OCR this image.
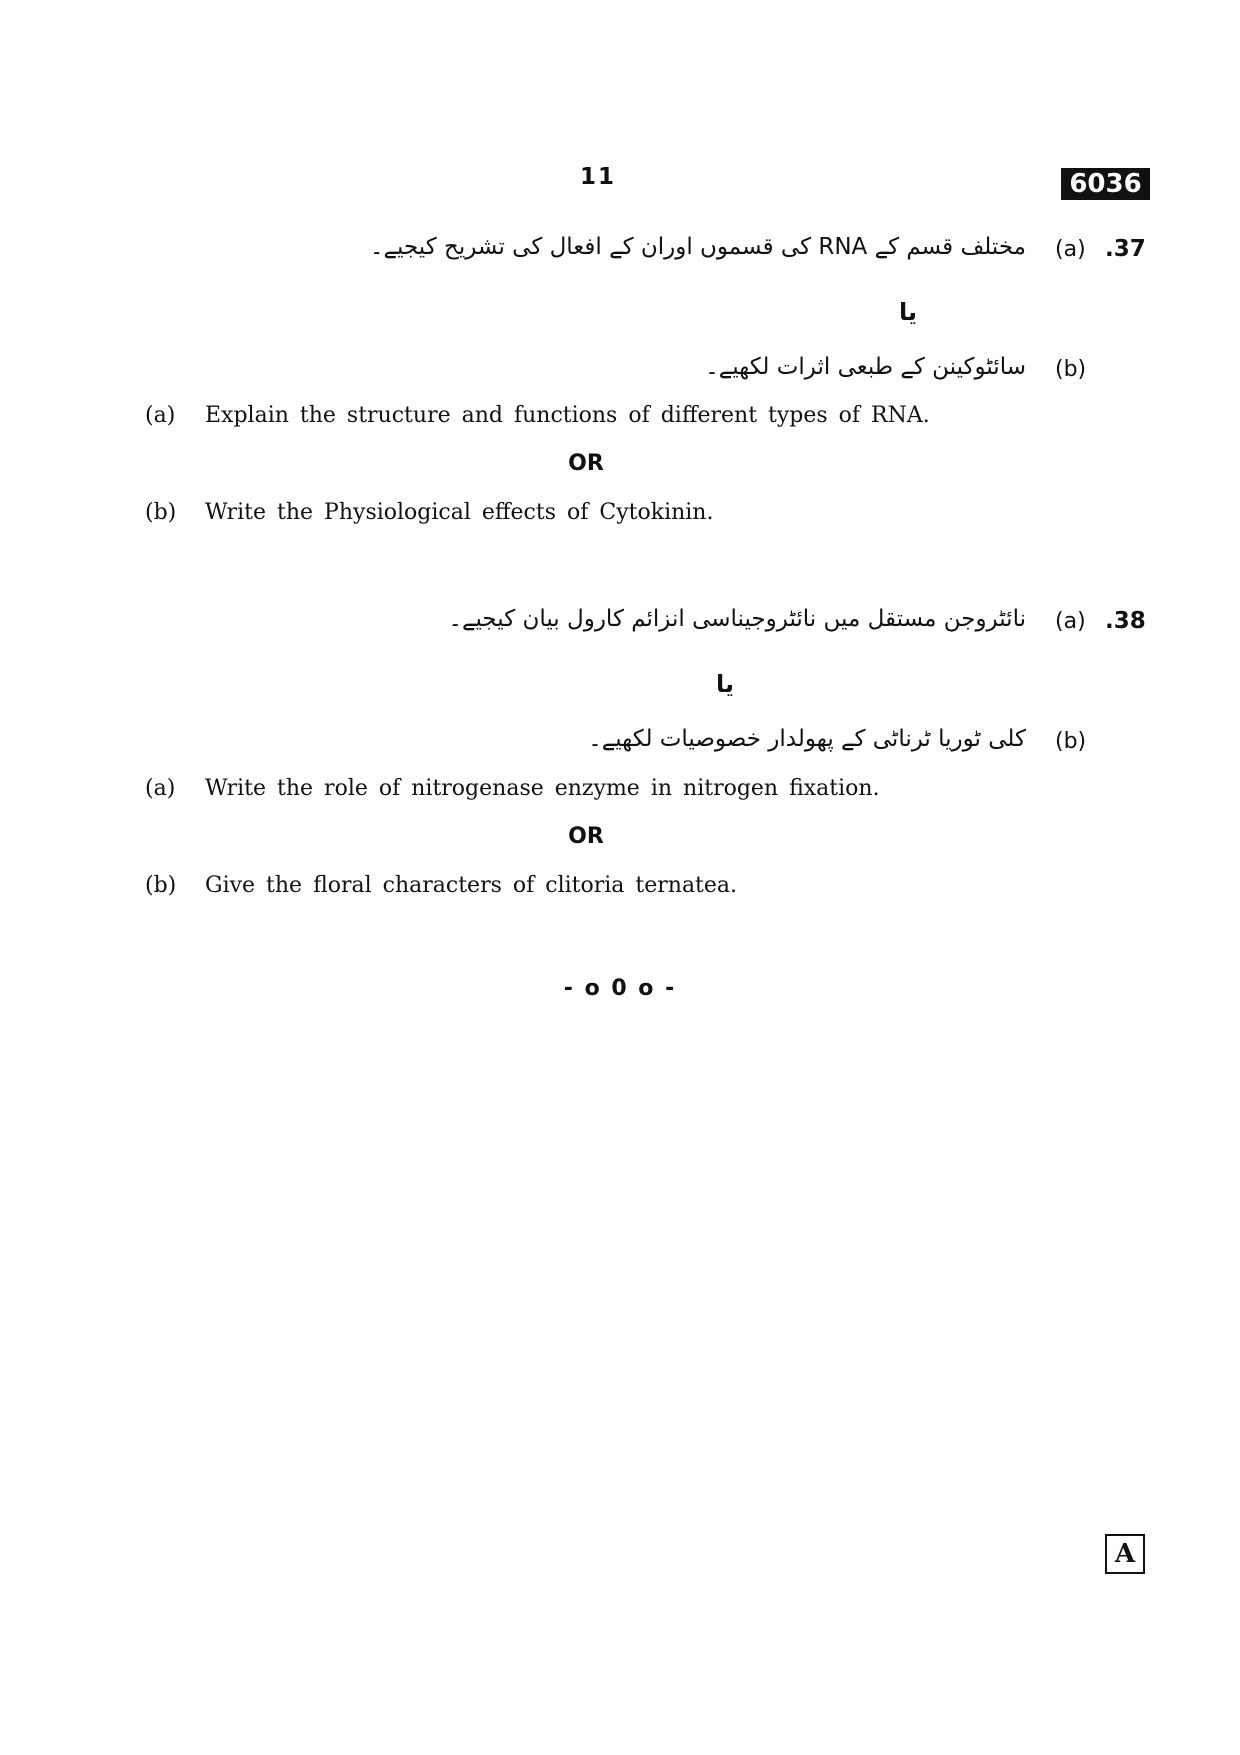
11	6036
.37
(a)
مختلف قسم کے RNA کی قسموں اوران کے افعال کی تشریح کیجیے۔
یا
(b)
سائٹوکینن کے طبعی اثرات لکھیے۔
(a) Explain the structure and functions of different types of RNA.
OR
(b) Write the Physiological effects of Cytokinin.
.38
(a)
نائٹروجن مستقل میں نائٹروجیناسی انزائم کارول بیان کیجیے۔
یا
(b)
کلی ٹوریا ٹرناٹی کے پھولدار خصوصیات لکھیے۔
(a) Write the role of nitrogenase enzyme in nitrogen fixation.
OR
(b) Give the floral characters of clitoria ternatea.
- o 0 o -
A
